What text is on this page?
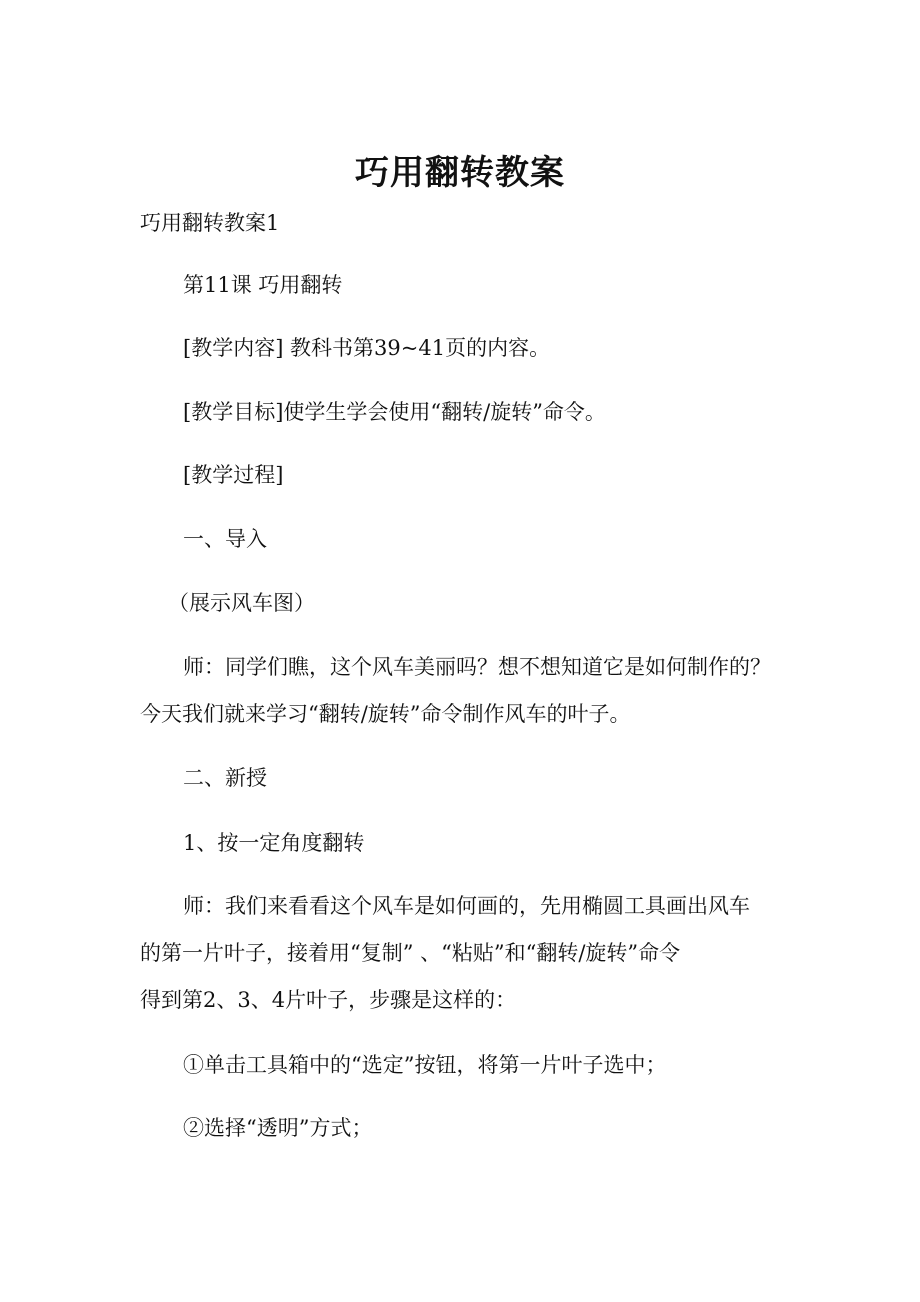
巧用翻转教案
巧用翻转教案1
第11课 巧用翻转
[教学内容] 教科书第39~41页的内容。
[教学目标]使学生学会使用“翻转/旋转”命令。
[教学过程]
一、导入
（展示风车图）
师：同学们瞧，这个风车美丽吗？想不想知道它是如何制作的？
今天我们就来学习“翻转/旋转”命令制作风车的叶子。
二、新授
1、按一定角度翻转
师：我们来看看这个风车是如何画的，先用椭圆工具画出风车
的第一片叶子，接着用“复制” 、“粘贴”和“翻转/旋转”命令
得到第2、3、4片叶子，步骤是这样的：
①单击工具箱中的“选定”按钮，将第一片叶子选中；
②选择“透明”方式；
